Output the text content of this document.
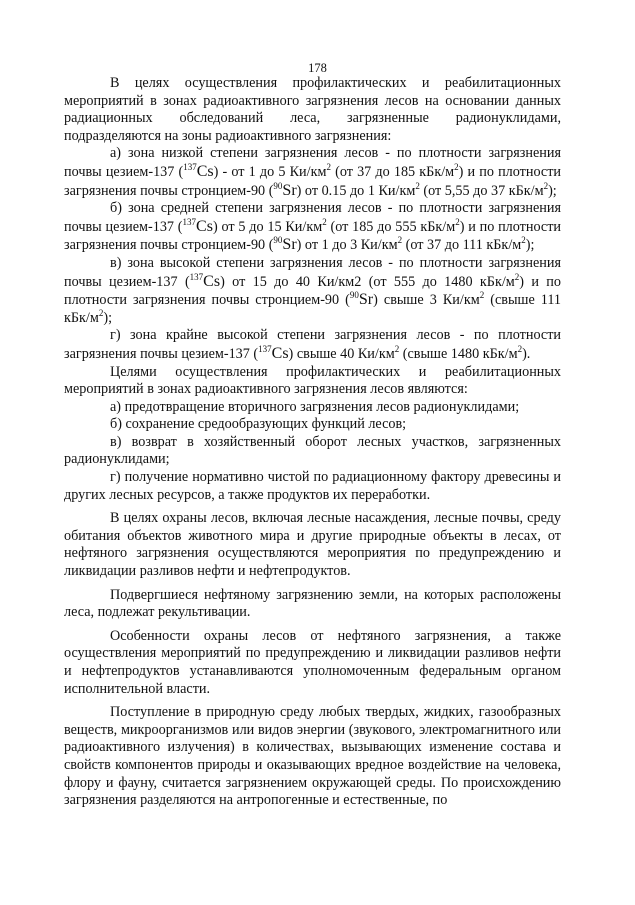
178

В целях осуществления профилактических и реабилитационных мероприятий в зонах радиоактивного загрязнения лесов на основании данных радиационных обследований леса, загрязненные радионуклидами, подразделяются на зоны радиоактивного загрязнения:

а) зона низкой степени загрязнения лесов - по плотности загрязнения почвы цезием-137 ($^{137}$Cs) - от 1 до 5 $Ки/км^2$ (от 37 до 185 кБк/$м^2$) и по плотности загрязнения почвы стронцием-90 ($^{90}$Sr) от 0.15 до 1 $Ки/км^2$ (от 5,55 до 37 кБк/$м^2$);

б) зона средней степени загрязнения лесов - по плотности загрязнения почвы цезием-137 ($^{137}$Cs) от 5 до 15 $Ки/км^2$ (от 185 до 555 кБк/$м^2$) и по плотности загрязнения почвы стронцием-90 ($^{90}$Sr) от 1 до 3 $Ки/км^2$ (от 37 до 111 кБк/$м^2$);

в) зона высокой степени загрязнения лесов - по плотности загрязнения почвы цезием-137 ($^{137}$Cs) от 15 до 40 Ки/км2 (от 555 до 1480 кБк/$м^2$) и по плотности загрязнения почвы стронцием-90 ($^{90}$Sr) свыше 3 $Ки/км^2$ (свыше 111 кБк/$м^2$);

г) зона крайне высокой степени загрязнения лесов - по плотности загрязнения почвы цезием-137 ($^{137}$Cs) свыше 40 $Ки/км^2$ (свыше 1480 кБк/$м^2$).

Целями осуществления профилактических и реабилитационных мероприятий в зонах радиоактивного загрязнения лесов являются:

а) предотвращение вторичного загрязнения лесов радионуклидами;

б) сохранение средообразующих функций лесов;

в) возврат в хозяйственный оборот лесных участков, загрязненных радионуклидами;

г) получение нормативно чистой по радиационному фактору древесины и других лесных ресурсов, а также продуктов их переработки.

В целях охраны лесов, включая лесные насаждения, лесные почвы, среду обитания объектов животного мира и другие природные объекты в лесах, от нефтяного загрязнения осуществляются мероприятия по предупреждению и ликвидации разливов нефти и нефтепродуктов.

Подвергшиеся нефтяному загрязнению земли, на которых расположены леса, подлежат рекультивации.

Особенности охраны лесов от нефтяного загрязнения, а также осуществления мероприятий по предупреждению и ликвидации разливов нефти и нефтепродуктов устанавливаются уполномоченным федеральным органом исполнительной власти.

Поступление в природную среду любых твердых, жидких, газообразных веществ, микроорганизмов или видов энергии (звукового, электромагнитного или радиоактивного излучения) в количествах, вызывающих изменение состава и свойств компонентов природы и оказывающих вредное воздействие на человека, флору и фауну, считается загрязнением окружающей среды. По происхождению загрязнения разделяются на антропогенные и естественные, по
